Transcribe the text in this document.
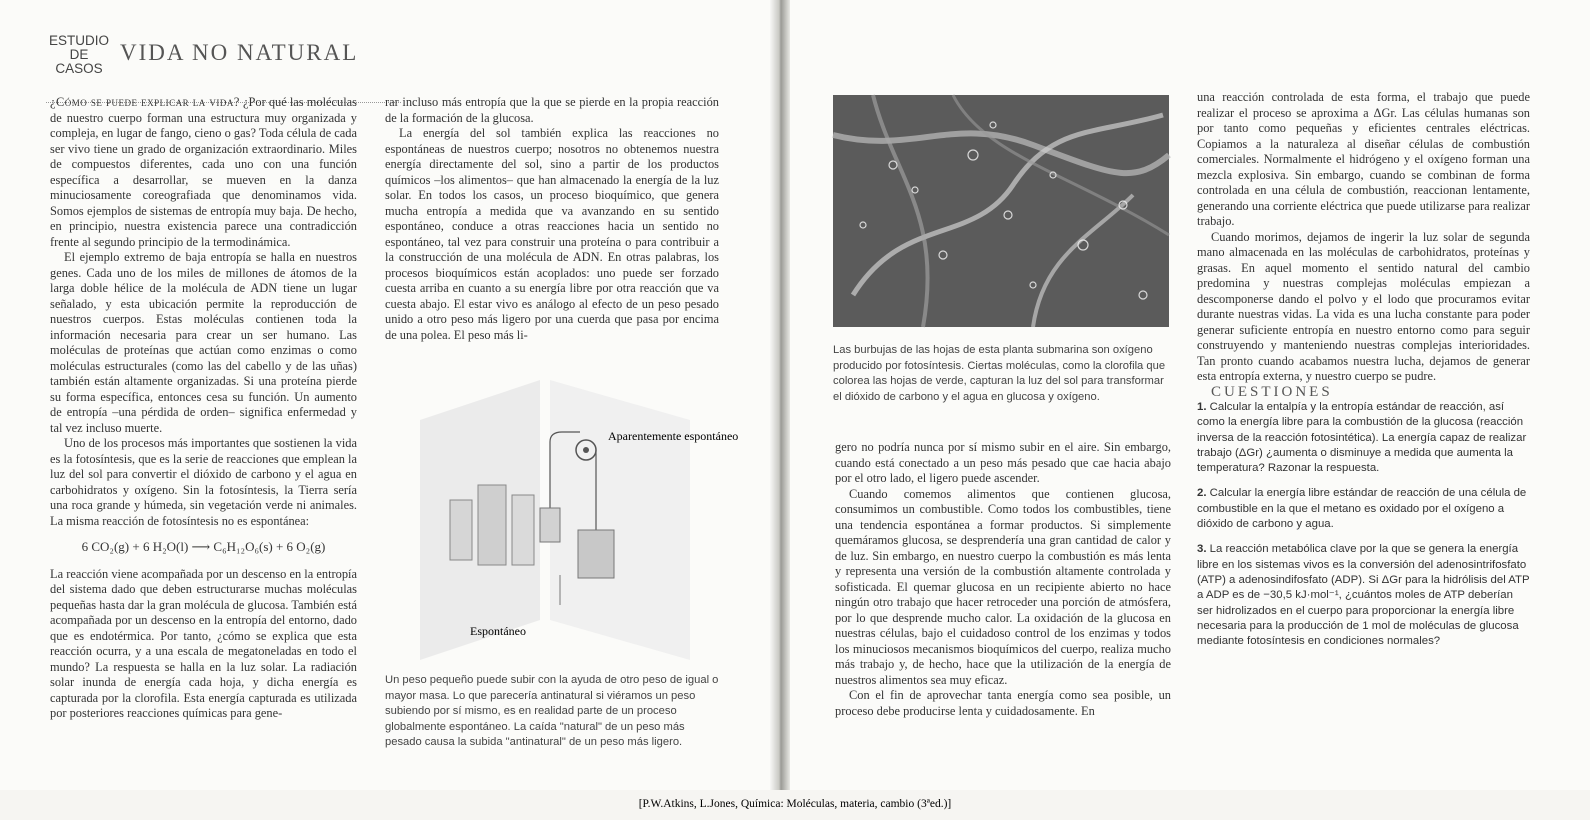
ESTUDIO
DE
CASOS
VIDA NO NATURAL

¿Cómo se puede explicar la vida? ¿Por qué las moléculas de nuestro cuerpo forman una estructura muy organizada y compleja, en lugar de fango, cieno o gas? Toda célula de cada ser vivo tiene un grado de organización extraordinario. Miles de compuestos diferentes, cada uno con una función específica a desarrollar, se mueven en la danza minuciosamente coreografiada que denominamos vida. Somos ejemplos de sistemas de entropía muy baja. De hecho, en principio, nuestra existencia parece una contradicción frente al segundo principio de la termodinámica.

El ejemplo extremo de baja entropía se halla en nuestros genes. Cada uno de los miles de millones de átomos de la larga doble hélice de la molécula de ADN tiene un lugar señalado, y esta ubicación permite la reproducción de nuestros cuerpos. Estas moléculas contienen toda la información necesaria para crear un ser humano. Las moléculas de proteínas que actúan como enzimas o como moléculas estructurales (como las del cabello y de las uñas) también están altamente organizadas. Si una proteína pierde su forma específica, entonces cesa su función. Un aumento de entropía –una pérdida de orden– significa enfermedad y tal vez incluso muerte.

Uno de los procesos más importantes que sostienen la vida es la fotosíntesis, que es la serie de reacciones que emplean la luz del sol para convertir el dióxido de carbono y el agua en carbohidratos y oxígeno. Sin la fotosíntesis, la Tierra sería una roca grande y húmeda, sin vegetación verde ni animales. La misma reacción de fotosíntesis no es espontánea:

6 CO₂(g) + 6 H₂O(l) ⟶ C₆H₁₂O₆(s) + 6 O₂(g)

La reacción viene acompañada por un descenso en la entropía del sistema dado que deben estructurarse muchas moléculas pequeñas hasta dar la gran molécula de glucosa. También está acompañada por un descenso en la entropía del entorno, dado que es endotérmica. Por tanto, ¿cómo se explica que esta reacción ocurra, y a una escala de megatoneladas en todo el mundo? La respuesta se halla en la luz solar. La radiación solar inunda de energía cada hoja, y dicha energía es capturada por la clorofila. Esta energía capturada es utilizada por posteriores reacciones químicas para gene-

rar incluso más entropía que la que se pierde en la propia reacción de la formación de la glucosa.

La energía del sol también explica las reacciones no espontáneas de nuestros cuerpo; nosotros no obtenemos nuestra energía directamente del sol, sino a partir de los productos químicos –los alimentos– que han almacenado la energía de la luz solar. En todos los casos, un proceso bioquímico, que genera mucha entropía a medida que va avanzando en su sentido espontáneo, conduce a otras reacciones hacia un sentido no espontáneo, tal vez para construir una proteína o para contribuir a la construcción de una molécula de ADN. En otras palabras, los procesos bioquímicos están acoplados: uno puede ser forzado cuesta arriba en cuanto a su energía libre por otra reacción que va cuesta abajo. El estar vivo es análogo al efecto de un peso pesado unido a otro peso más ligero por una cuerda que pasa por encima de una polea. El peso más li-

Aparentemente espontáneo
Espontáneo
Un peso pequeño puede subir con la ayuda de otro peso de igual o mayor masa. Lo que parecería antinatural si viéramos un peso subiendo por sí mismo, es en realidad parte de un proceso globalmente espontáneo. La caída "natural" de un peso más pesado causa la subida "antinatural" de un peso más ligero.
Las burbujas de las hojas de esta planta submarina son oxígeno producido por fotosíntesis. Ciertas moléculas, como la clorofila que colorea las hojas de verde, capturan la luz del sol para transformar el dióxido de carbono y el agua en glucosa y oxígeno.

gero no podría nunca por sí mismo subir en el aire. Sin embargo, cuando está conectado a un peso más pesado que cae hacia abajo por el otro lado, el ligero puede ascender.

Cuando comemos alimentos que contienen glucosa, consumimos un combustible. Como todos los combustibles, tiene una tendencia espontánea a formar productos. Si simplemente quemáramos glucosa, se desprendería una gran cantidad de calor y de luz. Sin embargo, en nuestro cuerpo la combustión es más lenta y representa una versión de la combustión altamente controlada y sofisticada. El quemar glucosa en un recipiente abierto no hace ningún otro trabajo que hacer retroceder una porción de atmósfera, por lo que desprende mucho calor. La oxidación de la glucosa en nuestras células, bajo el cuidadoso control de los enzimas y todos los minuciosos mecanismos bioquímicos del cuerpo, realiza mucho más trabajo y, de hecho, hace que la utilización de la energía de nuestros alimentos sea muy eficaz.

Con el fin de aprovechar tanta energía como sea posible, un proceso debe producirse lenta y cuidadosamente. En

una reacción controlada de esta forma, el trabajo que puede realizar el proceso se aproxima a ΔGr. Las células humanas son por tanto como pequeñas y eficientes centrales eléctricas. Copiamos a la naturaleza al diseñar células de combustión comerciales. Normalmente el hidrógeno y el oxígeno forman una mezcla explosiva. Sin embargo, cuando se combinan de forma controlada en una célula de combustión, reaccionan lentamente, generando una corriente eléctrica que puede utilizarse para realizar trabajo.

Cuando morimos, dejamos de ingerir la luz solar de segunda mano almacenada en las moléculas de carbohidratos, proteínas y grasas. En aquel momento el sentido natural del cambio predomina y nuestras complejas moléculas empiezan a descomponerse dando el polvo y el lodo que procuramos evitar durante nuestras vidas. La vida es una lucha constante para poder generar suficiente entropía en nuestro entorno como para seguir construyendo y manteniendo nuestras complejas interioridades. Tan pronto cuando acabamos nuestra lucha, dejamos de generar esta entropía externa, y nuestro cuerpo se pudre.

CUESTIONES

1. Calcular la entalpía y la entropía estándar de reacción, así como la energía libre para la combustión de la glucosa (reacción inversa de la reacción fotosintética). La energía capaz de realizar trabajo (ΔGr) ¿aumenta o disminuye a medida que aumenta la temperatura? Razonar la respuesta.

2. Calcular la energía libre estándar de reacción de una célula de combustible en la que el metano es oxidado por el oxígeno a dióxido de carbono y agua.

3. La reacción metabólica clave por la que se genera la energía libre en los sistemas vivos es la conversión del adenosintrifosfato (ATP) a adenosindifosfato (ADP). Si ΔGr para la hidrólisis del ATP a ADP es de −30,5 kJ·mol⁻¹, ¿cuántos moles de ATP deberían ser hidrolizados en el cuerpo para proporcionar la energía libre necesaria para la producción de 1 mol de moléculas de glucosa mediante fotosíntesis en condiciones normales?

[P.W.Atkins, L.Jones, Química: Moléculas, materia, cambio (3ªed.)]
